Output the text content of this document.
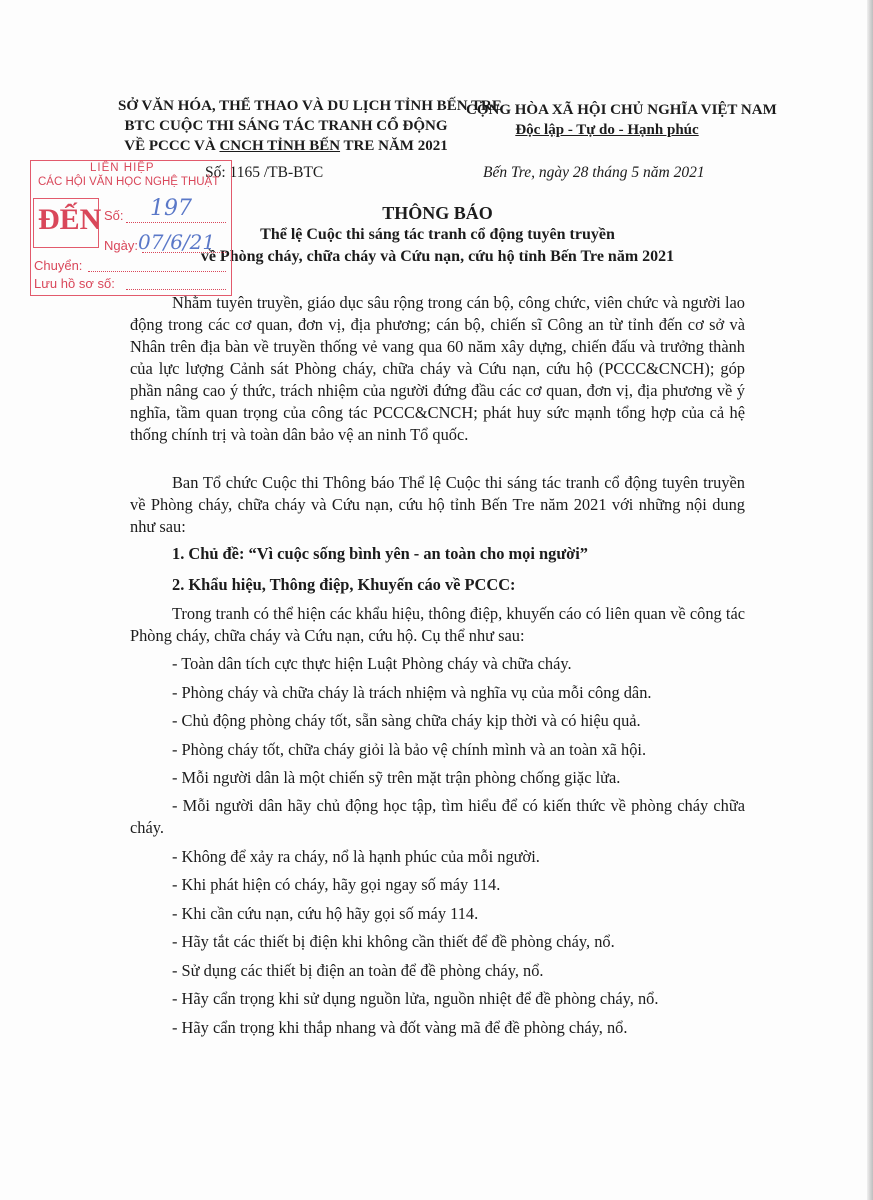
SỞ VĂN HÓA, THỂ THAO VÀ DU LỊCH TỈNH BẾN TRE
BTC CUỘC THI SÁNG TÁC TRANH CỔ ĐỘNG
VỀ PCCC VÀ CNCH TỈNH BẾN TRE NĂM 2021
Số: 1165 /TB-BTC
CỘNG HÒA XÃ HỘI CHỦ NGHĨA VIỆT NAM
Độc lập - Tự do - Hạnh phúc
Bến Tre, ngày 28 tháng 5 năm 2021
THÔNG BÁO
Thể lệ Cuộc thi sáng tác tranh cổ động tuyên truyền
về Phòng cháy, chữa cháy và Cứu nạn, cứu hộ tỉnh Bến Tre năm 2021
LIÊN HIỆP
CÁC HỘI VĂN HỌC NGHỆ THUẬT
ĐẾN Số: 197
Ngày: 07/6/21
Chuyển:
Lưu hồ sơ số:

Nhằm tuyên truyền, giáo dục sâu rộng trong cán bộ, công chức, viên chức và người lao động trong các cơ quan, đơn vị, địa phương; cán bộ, chiến sĩ Công an từ tỉnh đến cơ sở và Nhân trên địa bàn về truyền thống vẻ vang qua 60 năm xây dựng, chiến đấu và trưởng thành của lực lượng Cảnh sát Phòng cháy, chữa cháy và Cứu nạn, cứu hộ (PCCC&CNCH); góp phần nâng cao ý thức, trách nhiệm của người đứng đầu các cơ quan, đơn vị, địa phương về ý nghĩa, tầm quan trọng của công tác PCCC&CNCH; phát huy sức mạnh tổng hợp của cả hệ thống chính trị và toàn dân bảo vệ an ninh Tổ quốc.

Ban Tổ chức Cuộc thi Thông báo Thể lệ Cuộc thi sáng tác tranh cổ động tuyên truyền về Phòng cháy, chữa cháy và Cứu nạn, cứu hộ tỉnh Bến Tre năm 2021 với những nội dung như sau:

1. Chủ đề: “Vì cuộc sống bình yên - an toàn cho mọi người”
2. Khẩu hiệu, Thông điệp, Khuyến cáo về PCCC:

Trong tranh có thể hiện các khẩu hiệu, thông điệp, khuyến cáo có liên quan về công tác Phòng cháy, chữa cháy và Cứu nạn, cứu hộ. Cụ thể như sau:

- Toàn dân tích cực thực hiện Luật Phòng cháy và chữa cháy.
- Phòng cháy và chữa cháy là trách nhiệm và nghĩa vụ của mỗi công dân.
- Chủ động phòng cháy tốt, sẵn sàng chữa cháy kịp thời và có hiệu quả.
- Phòng cháy tốt, chữa cháy giỏi là bảo vệ chính mình và an toàn xã hội.
- Mỗi người dân là một chiến sỹ trên mặt trận phòng chống giặc lửa.

- Mỗi người dân hãy chủ động học tập, tìm hiểu để có kiến thức về phòng cháy chữa cháy.

- Không để xảy ra cháy, nổ là hạnh phúc của mỗi người.
- Khi phát hiện có cháy, hãy gọi ngay số máy 114.
- Khi cần cứu nạn, cứu hộ hãy gọi số máy 114.
- Hãy tắt các thiết bị điện khi không cần thiết để đề phòng cháy, nổ.
- Sử dụng các thiết bị điện an toàn để đề phòng cháy, nổ.
- Hãy cẩn trọng khi sử dụng nguồn lửa, nguồn nhiệt để đề phòng cháy, nổ.
- Hãy cẩn trọng khi thắp nhang và đốt vàng mã để đề phòng cháy, nổ.
